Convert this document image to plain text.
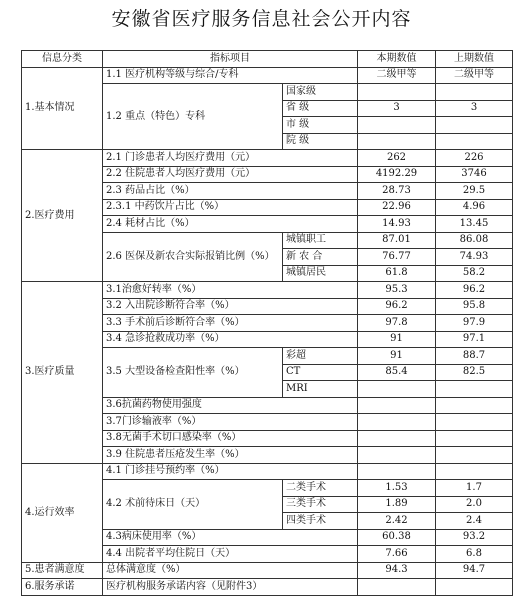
安徽省医疗服务信息社会公开内容
信息分类	指标项目		本期数值	上期数值
1.基本情况	1.1 医疗机构等级与综合/专科		二级甲等	二级甲等
	1.2 重点（特色）专科	国家级		
		省 级	3	3
		市 级		
		院 级		
2.医疗费用	2.1 门诊患者人均医疗费用（元）		262	226
	2.2 住院患者人均医疗费用（元）		4192.29	3746
	2.3 药品占比（%）		28.73	29.5
	2.3.1 中药饮片占比（%）		22.96	4.96
	2.4 耗材占比（%）		14.93	13.45
	2.6 医保及新农合实际报销比例（%）	城镇职工	87.01	86.08
		新 农 合	76.77	74.93
		城镇居民	61.8	58.2
3.医疗质量	3.1治愈好转率（%）		95.3	96.2
	3.2 入出院诊断符合率（%）		96.2	95.8
	3.3 手术前后诊断符合率（%）		97.8	97.9
	3.4 急诊抢救成功率（%）		91	97.1
	3.5 大型设备检查阳性率（%）	彩超	91	88.7
		CT	85.4	82.5
		MRI		
	3.6抗菌药物使用强度			
	3.7门诊输液率（%）			
	3.8无菌手术切口感染率（%）			
	3.9 住院患者压疮发生率（%）			
4.运行效率	4.1 门诊挂号预约率（%）			
	4.2 术前待床日（天）	二类手术	1.53	1.7
		三类手术	1.89	2.0
		四类手术	2.42	2.4
	4.3病床使用率（%）		60.38	93.2
	4.4 出院者平均住院日（天）		7.66	6.8
5.患者满意度	总体满意度（%）		94.3	94.7
6.服务承诺	医疗机构服务承诺内容（见附件3）			
